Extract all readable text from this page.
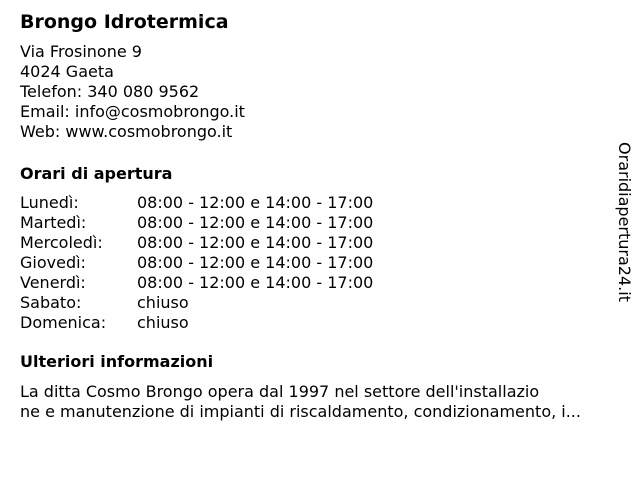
Brongo Idrotermica
Via Frosinone 9
4024 Gaeta
Telefon: 340 080 9562
Email: info@cosmobrongo.it
Web: www.cosmobrongo.it
Orari di apertura
Lunedì:	08:00 - 12:00 e 14:00 - 17:00
Martedì:	08:00 - 12:00 e 14:00 - 17:00
Mercoledì:	08:00 - 12:00 e 14:00 - 17:00
Giovedì:	08:00 - 12:00 e 14:00 - 17:00
Venerdì:	08:00 - 12:00 e 14:00 - 17:00
Sabato:	chiuso
Domenica:	chiuso
Ulteriori informazioni
La ditta Cosmo Brongo opera dal 1997 nel settore dell'installazio
ne e manutenzione di impianti di riscaldamento, condizionamento, i...
Oraridiapertura24.it
